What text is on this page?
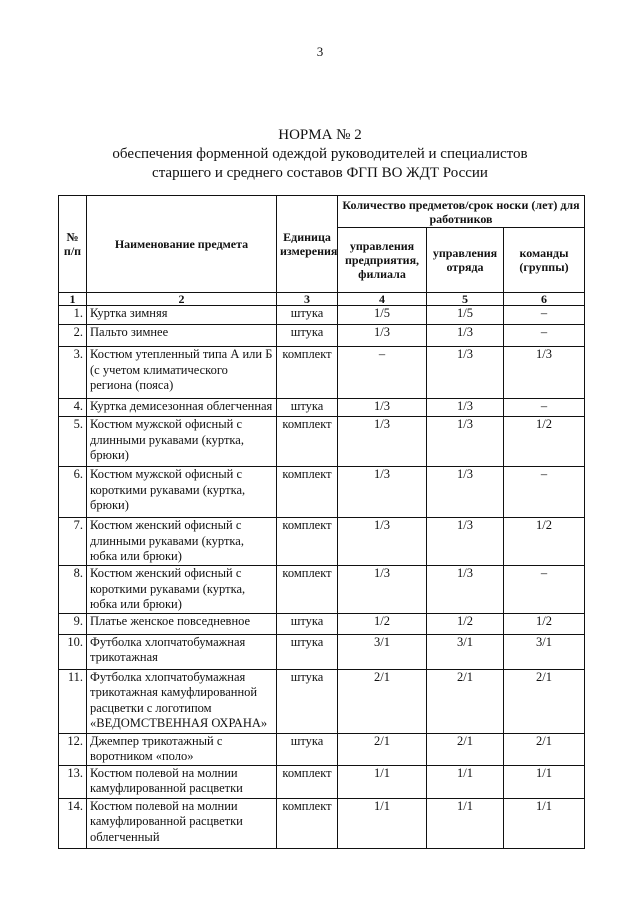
3
НОРМА № 2
обеспечения форменной одеждой руководителей и специалистов
старшего и среднего составов ФГП ВО ЖДТ России
№ п/п	Наименование предмета	Единица измерения	Количество предметов/срок носки (лет) для работников		
			управления предприятия, филиала	управления отряда	команды (группы)
1	2	3	4	5	6
1.	Куртка зимняя	штука	1/5	1/5	–
2.	Пальто зимнее	штука	1/3	1/3	–
3.	Костюм утепленный типа А или Б (с учетом климатического региона (пояса)	комплект	–	1/3	1/3
4.	Куртка демисезонная облегченная	штука	1/3	1/3	–
5.	Костюм мужской офисный с длинными рукавами (куртка, брюки)	комплект	1/3	1/3	1/2
6.	Костюм мужской офисный с короткими рукавами (куртка, брюки)	комплект	1/3	1/3	–
7.	Костюм женский офисный с длинными рукавами (куртка, юбка или брюки)	комплект	1/3	1/3	1/2
8.	Костюм женский офисный с короткими рукавами (куртка, юбка или брюки)	комплект	1/3	1/3	–
9.	Платье женское повседневное	штука	1/2	1/2	1/2
10.	Футболка хлопчатобумажная трикотажная	штука	3/1	3/1	3/1
11.	Футболка хлопчатобумажная трикотажная камуфлированной расцветки с логотипом «ВЕДОМСТВЕННАЯ ОХРАНА»	штука	2/1	2/1	2/1
12.	Джемпер трикотажный с воротником «поло»	штука	2/1	2/1	2/1
13.	Костюм полевой на молнии камуфлированной расцветки	комплект	1/1	1/1	1/1
14.	Костюм полевой на молнии камуфлированной расцветки облегченный	комплект	1/1	1/1	1/1
